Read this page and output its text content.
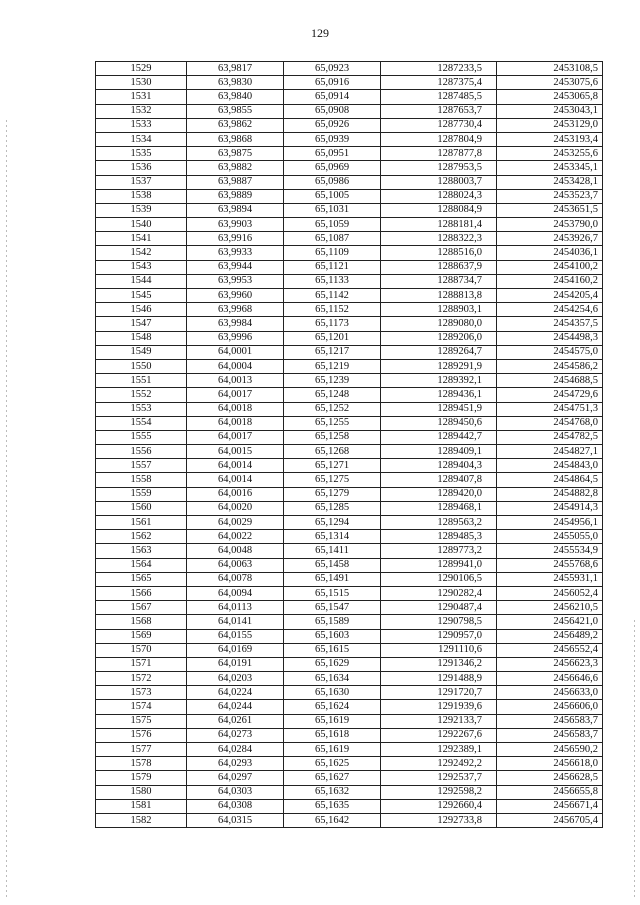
129
1529	63,9817	65,0923	1287233,5	2453108,5
1530	63,9830	65,0916	1287375,4	2453075,6
1531	63,9840	65,0914	1287485,5	2453065,8
1532	63,9855	65,0908	1287653,7	2453043,1
1533	63,9862	65,0926	1287730,4	2453129,0
1534	63,9868	65,0939	1287804,9	2453193,4
1535	63,9875	65,0951	1287877,8	2453255,6
1536	63,9882	65,0969	1287953,5	2453345,1
1537	63,9887	65,0986	1288003,7	2453428,1
1538	63,9889	65,1005	1288024,3	2453523,7
1539	63,9894	65,1031	1288084,9	2453651,5
1540	63,9903	65,1059	1288181,4	2453790,0
1541	63,9916	65,1087	1288322,3	2453926,7
1542	63,9933	65,1109	1288516,0	2454036,1
1543	63,9944	65,1121	1288637,9	2454100,2
1544	63,9953	65,1133	1288734,7	2454160,2
1545	63,9960	65,1142	1288813,8	2454205,4
1546	63,9968	65,1152	1288903,1	2454254,6
1547	63,9984	65,1173	1289080,0	2454357,5
1548	63,9996	65,1201	1289206,0	2454498,3
1549	64,0001	65,1217	1289264,7	2454575,0
1550	64,0004	65,1219	1289291,9	2454586,2
1551	64,0013	65,1239	1289392,1	2454688,5
1552	64,0017	65,1248	1289436,1	2454729,6
1553	64,0018	65,1252	1289451,9	2454751,3
1554	64,0018	65,1255	1289450,6	2454768,0
1555	64,0017	65,1258	1289442,7	2454782,5
1556	64,0015	65,1268	1289409,1	2454827,1
1557	64,0014	65,1271	1289404,3	2454843,0
1558	64,0014	65,1275	1289407,8	2454864,5
1559	64,0016	65,1279	1289420,0	2454882,8
1560	64,0020	65,1285	1289468,1	2454914,3
1561	64,0029	65,1294	1289563,2	2454956,1
1562	64,0022	65,1314	1289485,3	2455055,0
1563	64,0048	65,1411	1289773,2	2455534,9
1564	64,0063	65,1458	1289941,0	2455768,6
1565	64,0078	65,1491	1290106,5	2455931,1
1566	64,0094	65,1515	1290282,4	2456052,4
1567	64,0113	65,1547	1290487,4	2456210,5
1568	64,0141	65,1589	1290798,5	2456421,0
1569	64,0155	65,1603	1290957,0	2456489,2
1570	64,0169	65,1615	1291110,6	2456552,4
1571	64,0191	65,1629	1291346,2	2456623,3
1572	64,0203	65,1634	1291488,9	2456646,6
1573	64,0224	65,1630	1291720,7	2456633,0
1574	64,0244	65,1624	1291939,6	2456606,0
1575	64,0261	65,1619	1292133,7	2456583,7
1576	64,0273	65,1618	1292267,6	2456583,7
1577	64,0284	65,1619	1292389,1	2456590,2
1578	64,0293	65,1625	1292492,2	2456618,0
1579	64,0297	65,1627	1292537,7	2456628,5
1580	64,0303	65,1632	1292598,2	2456655,8
1581	64,0308	65,1635	1292660,4	2456671,4
1582	64,0315	65,1642	1292733,8	2456705,4
